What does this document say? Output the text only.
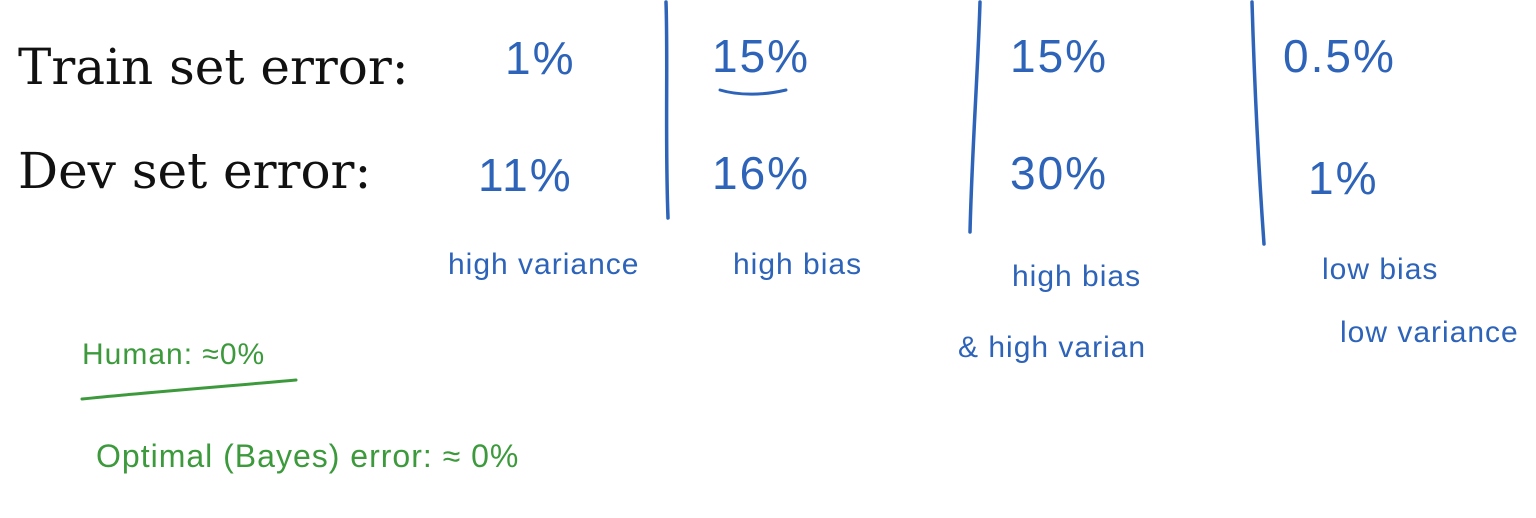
Train set error:
Dev set error:
1%
11%
high variance
15%
16%
high bias
15%
30%
high bias
& high varian
0.5%
1%
low bias
low variance
Human: ≈0%
Optimal (Bayes) error: ≈ 0%
